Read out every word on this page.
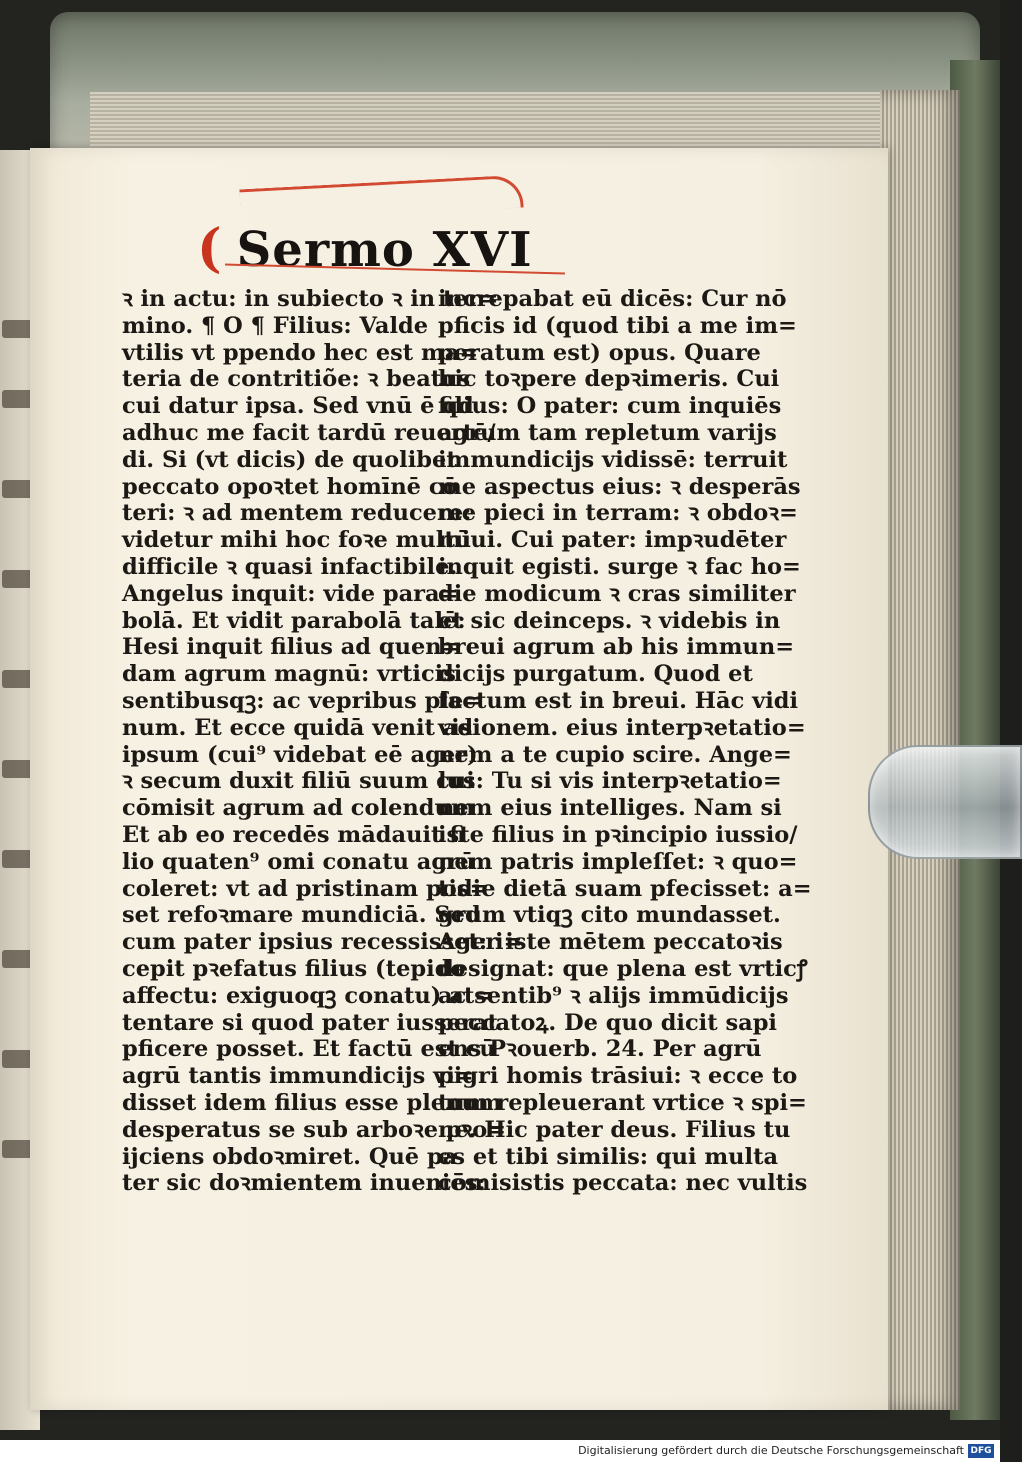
( Sermo XVI
ꝛ in actu: in subiecto ꝛ in ter=
mino. ¶ O ¶ Filius: Valde
vtilis vt ppendo hec est ma=
teria de contritiõe: ꝛ beatus
cui datur ipsa. Sed vnū ē qd
adhuc me facit tardū reuertē/
di. Si (vt dicis) de quolibet
peccato opoꝛtet homīnē cō
teri: ꝛ ad mentem reducere:
videtur mihi hoc foꝛe multū
difficile ꝛ quasi infactibile.
Angelus inquit: vide para=
bolā. Et vidit parabolā talē:
Hesi inquit filius ad quen=
dam agrum magnū: vrticis
sentibusqꝫ: ac vepribus ple=
num. Et ecce quidā venit ad
ipsum (cui⁹ videbat eē ager)
ꝛ secum duxit filiū suum cui
cōmisit agrum ad colendum
Et ab eo recedēs mādauit fi
lio quaten⁹ omi conatu agrū
coleret: vt ad pristinam pos=
set refoꝛmare mundiciā. Sed
cum pater ipsius recessisset: i=
cepit pꝛefatus filius (tepido
affectu: exiguoqꝫ conatu) at=
tentare si quod pater iusserat
pficere posset. Et factū est cū
agrū tantis immundicijs vi=
disset idem filius esse plenum
desperatus se sub arboꝛe pꝛo=
ijciens obdoꝛmiret. Quē pa
ter sic doꝛmientem inueniēs:
increpabat eū dicēs: Cur nō
pficis id (quod tibi a me im=
peratum est) opus. Quare
hic toꝛpere depꝛimeris. Cui
filius: O pater: cum inquiēs
agrum tam repletum varijs
immundicijs vidissē: terruit
me aspectus eius: ꝛ desperās
me pieci in terram: ꝛ obdoꝛ=
miui. Cui pater: impꝛudēter
inquit egisti. surge ꝛ fac ho=
die modicum ꝛ cras similiter
et sic deinceps. ꝛ videbis in
breui agrum ab his immun=
dicijs purgatum. Quod et
factum est in breui. Hāc vidi
visionem. eius interpꝛetatio=
nem a te cupio scire. Ange=
lus: Tu si vis interpꝛetatio=
nem eius intelliges. Nam si
iste filius in pꝛincipio iussio/
nem patris impleſſet: ꝛ quo=
tidie dietā suam pfecisset: a=
grum vtiqꝫ cito mundasset.
Ager iste mētem peccatoꝛis
designat: que plena est vrticꝭ
ac sentib⁹ ꝛ alijs immūdicijs
peccatoꝝ. De quo dicit sapi
ens Pꝛouerb. 24. Per agrū
pigri homis trāsiui: ꝛ ecce to
tum repleuerant vrtice ꝛ spi=
ne. Hic pater deus. Filius tu
es et tibi similis: qui multa
cōmisistis peccata: nec vultis
Digitalisierung gefördert durch die Deutsche Forschungsgemeinschaft DFG
